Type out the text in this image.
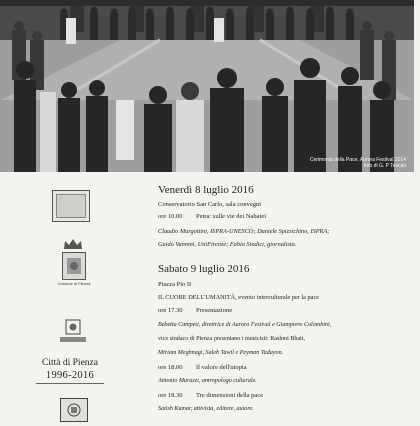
Cerimonia della Pace, Aurora Festival 2014
foto di G. P Tescari
Comune di Pienza
Città di Pienza
1996-2016
Venerdì 8 luglio 2016
Conservatorio San Carlo, sala convegni
ore 10.00 Petra: sulle vie dei Nabatei
Claudio Margottini, ISPRA-UNESCO; Daniele Spizzichino, ISPRA;
Guido Vannini, UniFirenze; Fabio Sindici, giornalista.
Sabato 9 luglio 2016
Piazza Pio II
IL CUORE DELL'UMANITÀ, evento interculturale per la pace
ore 17.30 Presentazione
Bebetta Campeti, direttrice di Aurora Festival e Giampiero Colombini,
vice sindaco di Pienza presentano i musicisti: Rashmi Bhatt,
Miriam Meghnagi, Saleh Tawil e Peyman Tadayon.
ore 18.00 Il valore dell'utopia
Antonio Marazzi, antropologo culturale.
ore 18.30 Tre dimensioni della pace
Satish Kumar, attivista, editore, autore.
